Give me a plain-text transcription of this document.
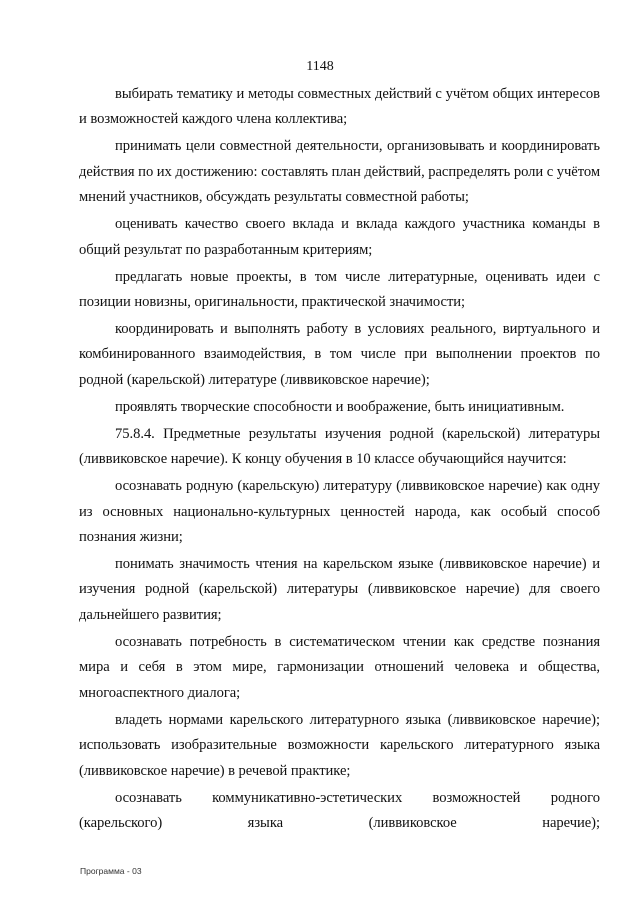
1148

выбирать тематику и методы совместных действий с учётом общих интересов и возможностей каждого члена коллектива;

принимать цели совместной деятельности, организовывать и координировать действия по их достижению: составлять план действий, распределять роли с учётом мнений участников, обсуждать результаты совместной работы;

оценивать качество своего вклада и вклада каждого участника команды в общий результат по разработанным критериям;

предлагать новые проекты, в том числе литературные, оценивать идеи с позиции новизны, оригинальности, практической значимости;

координировать и выполнять работу в условиях реального, виртуального и комбинированного взаимодействия, в том числе при выполнении проектов по родной (карельской) литературе (ливвиковское наречие);

проявлять творческие способности и воображение, быть инициативным.

75.8.4. Предметные результаты изучения родной (карельской) литературы (ливвиковское наречие). К концу обучения в 10 классе обучающийся научится:

осознавать родную (карельскую) литературу (ливвиковское наречие) как одну из основных национально-культурных ценностей народа, как особый способ познания жизни;

понимать значимость чтения на карельском языке (ливвиковское наречие) и изучения родной (карельской) литературы (ливвиковское наречие) для своего дальнейшего развития;

осознавать потребность в систематическом чтении как средстве познания мира и себя в этом мире, гармонизации отношений человека и общества, многоаспектного диалога;

владеть нормами карельского литературного языка (ливвиковское наречие); использовать изобразительные возможности карельского литературного языка (ливвиковское наречие) в речевой практике;

осознавать коммуникативно-эстетических возможностей родного (карельского) языка (ливвиковское наречие);

Программа - 03
